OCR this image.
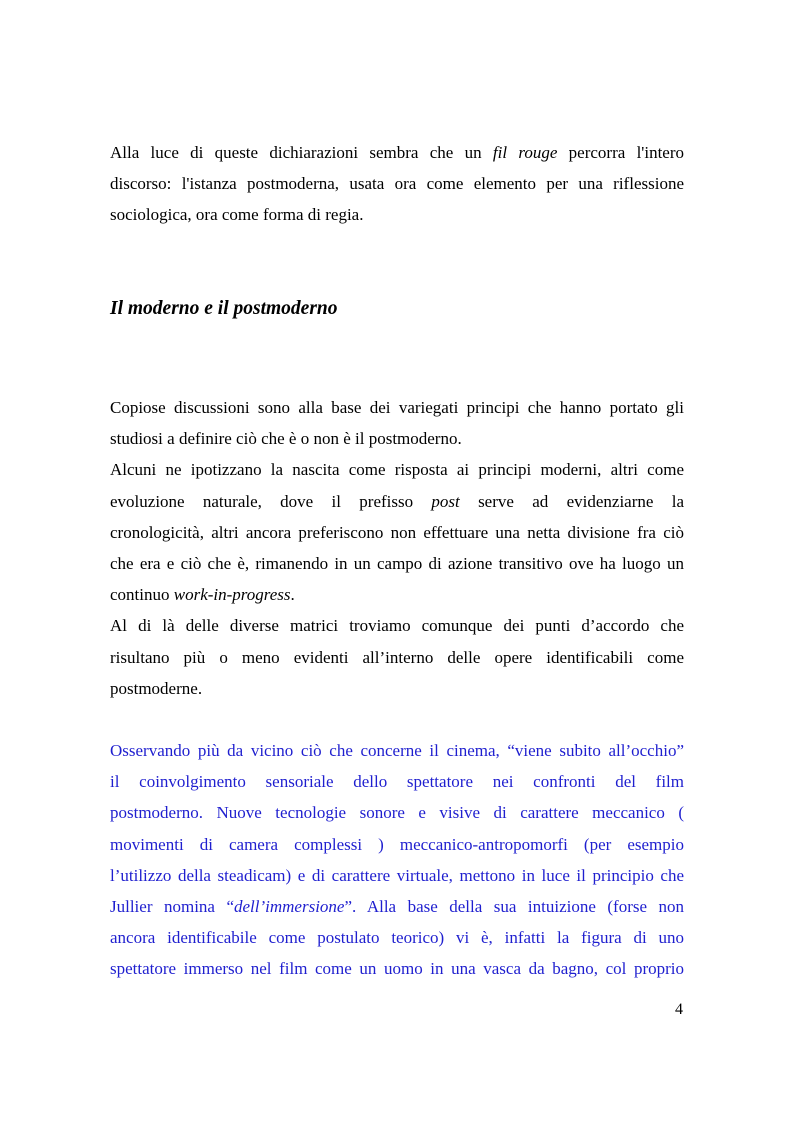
Alla luce di queste dichiarazioni sembra che un fil rouge percorra l'intero
discorso: l'istanza postmoderna, usata ora come elemento per una riflessione
sociologica, ora come forma di regia.
Il moderno e il postmoderno
Copiose discussioni sono alla base dei variegati principi che hanno portato gli
studiosi a definire ciò che è o non è il postmoderno.
Alcuni ne ipotizzano la nascita come risposta ai principi moderni, altri come
evoluzione naturale, dove il prefisso post serve ad evidenziarne la
cronologicità, altri ancora preferiscono non effettuare una netta divisione fra ciò
che era e ciò che è, rimanendo in un campo di azione transitivo ove ha luogo un
continuo work-in-progress.
Al di là delle diverse matrici troviamo comunque dei punti d’accordo che
risultano più o meno evidenti all’interno delle opere identificabili come
postmoderne.
Osservando più da vicino ciò che concerne il cinema, “viene subito all’occhio”
il coinvolgimento sensoriale dello spettatore nei confronti del film
postmoderno. Nuove tecnologie sonore e visive di carattere meccanico (
movimenti di camera complessi ) meccanico-antropomorfi (per esempio
l’utilizzo della steadicam) e di carattere virtuale, mettono in luce il principio che
Jullier nomina “dell’immersione”. Alla base della sua intuizione (forse non
ancora identificabile come postulato teorico) vi è, infatti la figura di uno
spettatore immerso nel film come un uomo in una vasca da bagno, col proprio
4
